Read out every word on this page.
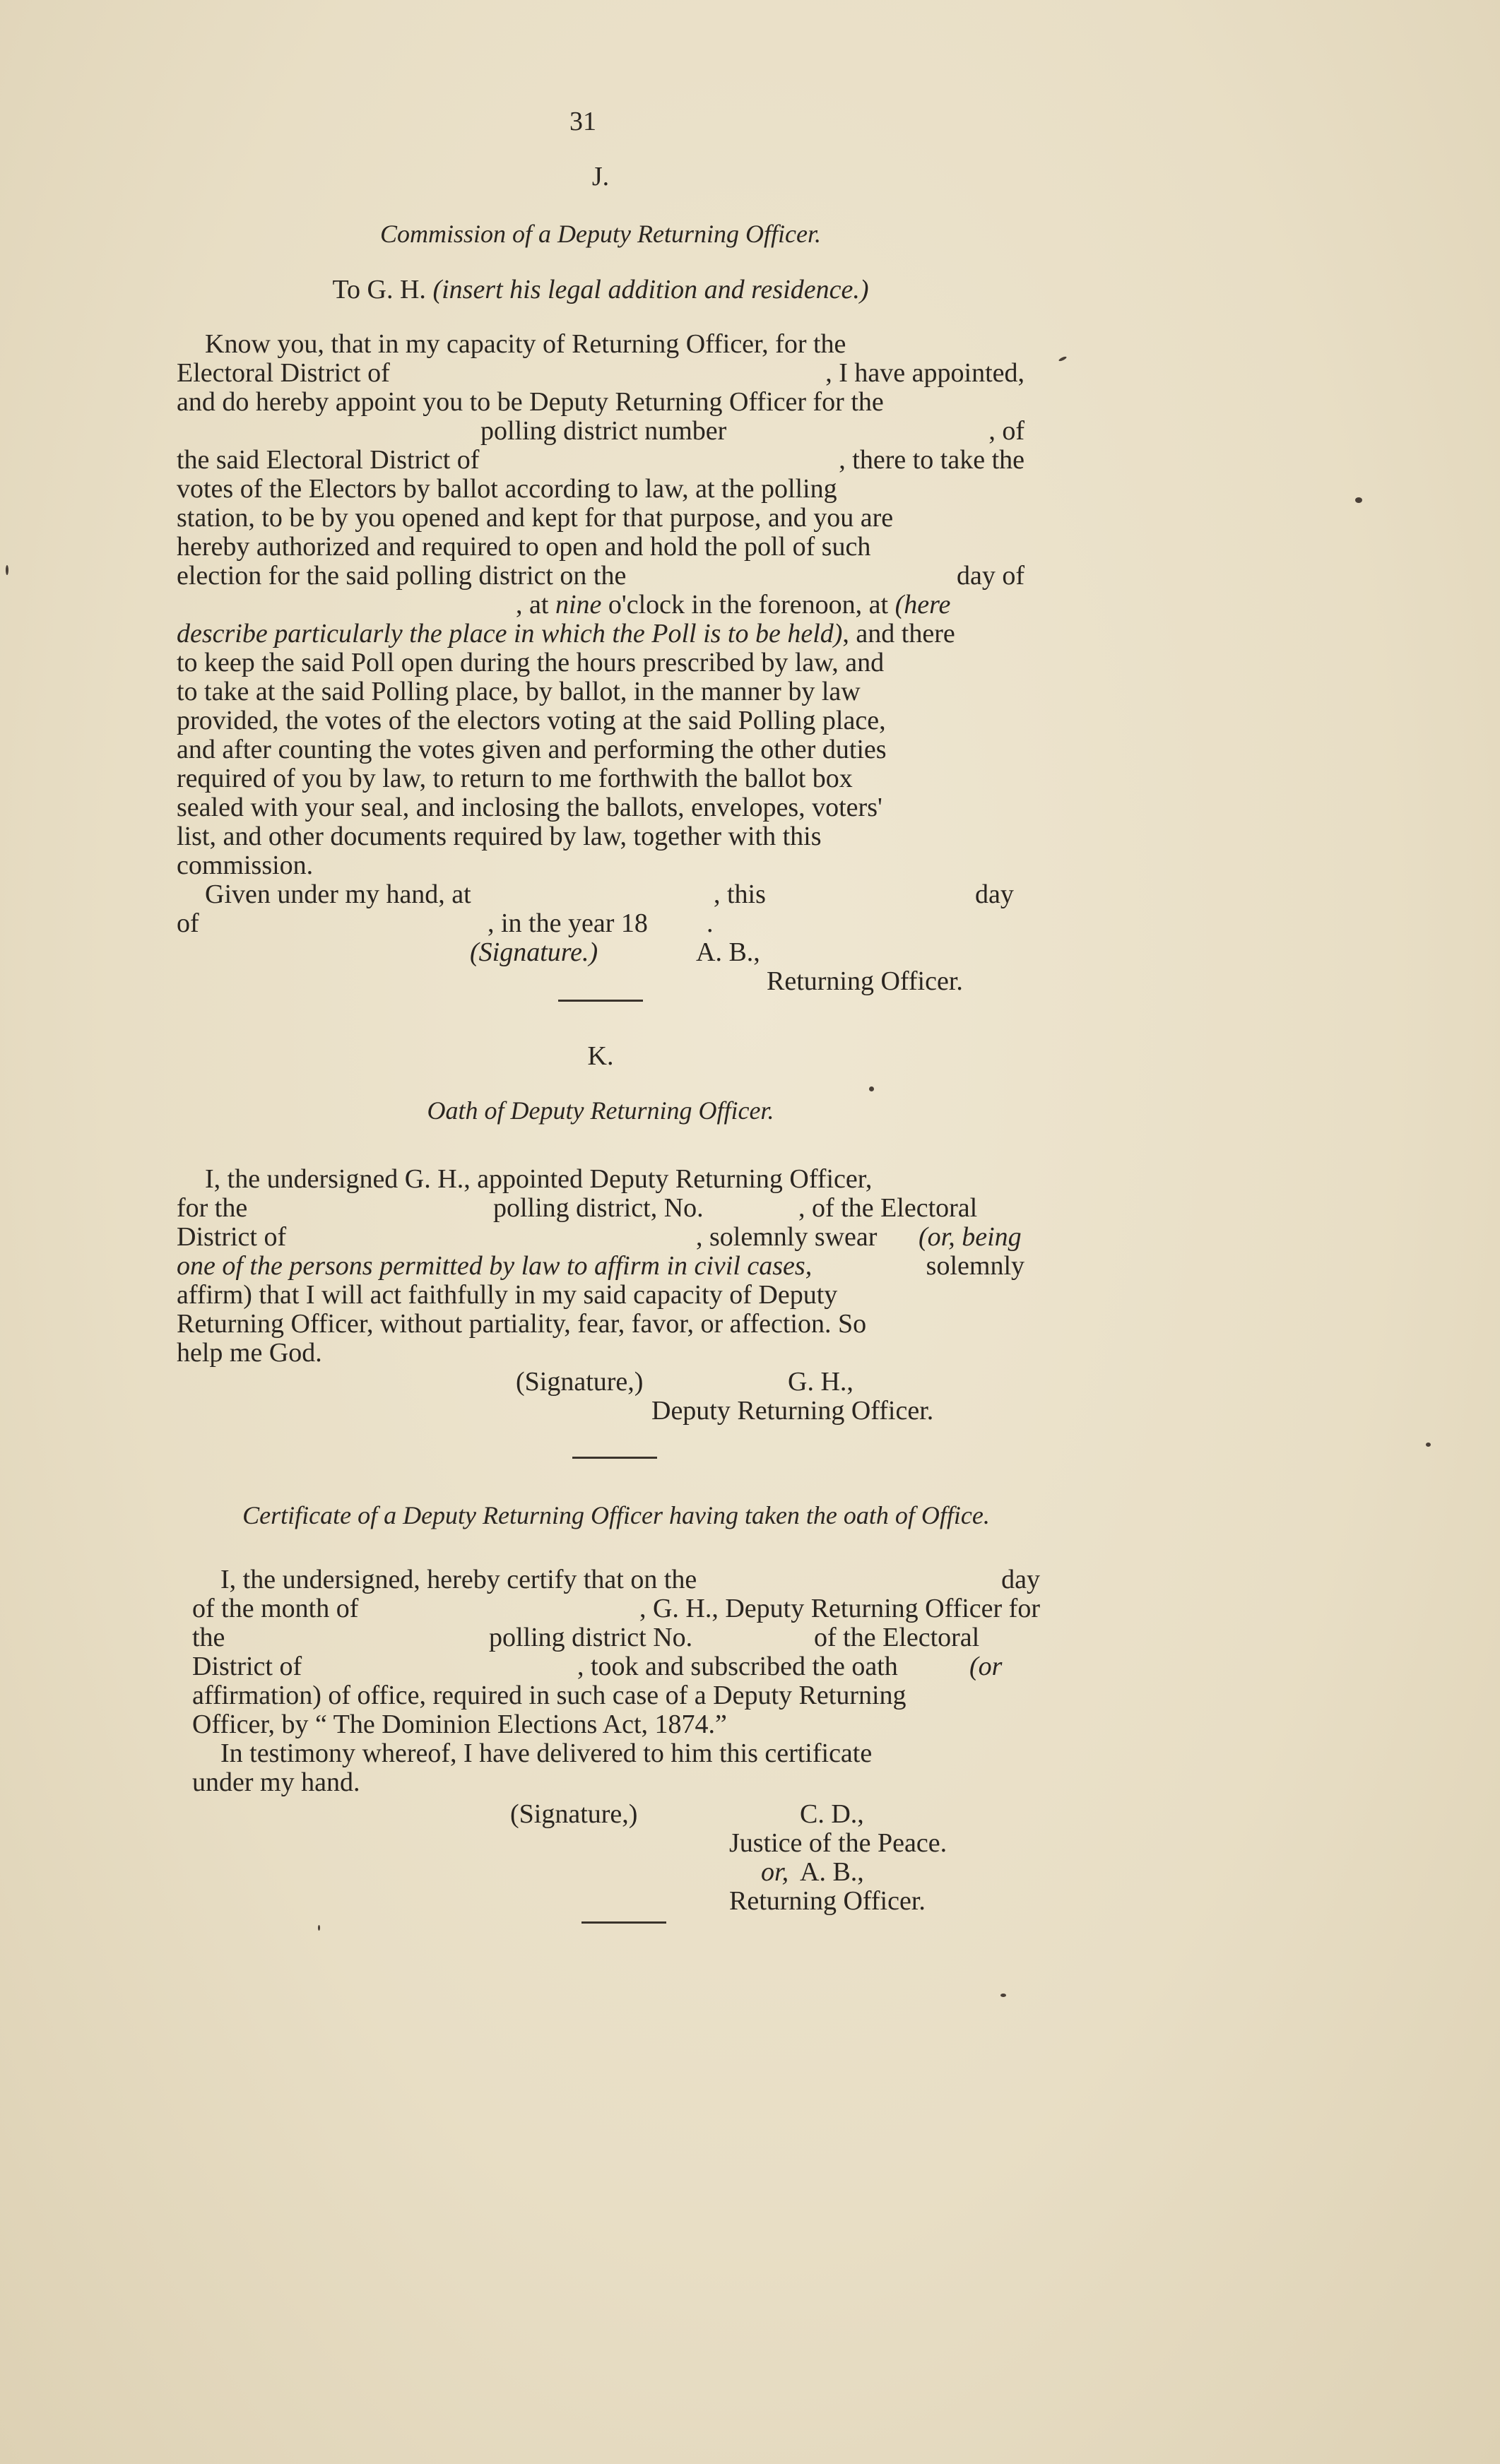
31
J.
Commission of a Deputy Returning Officer.
To G. H. (insert his legal addition and residence.)
Know you, that in my capacity of Returning Officer, for the
Electoral District of	, I have appointed,
and do hereby appoint you to be Deputy Returning Officer for the
polling district number	, of
the said Electoral District of	, there to take the
votes of the Electors by ballot according to law, at the polling
station, to be by you opened and kept for that purpose, and you are
hereby authorized and required to open and hold the poll of such
election for the said polling district on the	day of
, at nine o'clock in the forenoon, at (here
describe particularly the place in which the Poll is to be held), and there
to keep the said Poll open during the hours prescribed by law, and
to take at the said Polling place, by ballot, in the manner by law
provided, the votes of the electors voting at the said Polling place,
and after counting the votes given and performing the other duties
required of you by law, to return to me forthwith the ballot box
sealed with your seal, and inclosing the ballots, envelopes, voters'
list, and other documents required by law, together with this
commission.
Given under my hand, at	, this	day
of	, in the year 18 .
(Signature.)	A. B.,
Returning Officer.
K.
Oath of Deputy Returning Officer.
I, the undersigned G. H., appointed Deputy Returning Officer,
for the	polling district, No.	, of the Electoral
District of	, solemnly swear (or, being
one of the persons permitted by law to affirm in civil cases,	solemnly
affirm) that I will act faithfully in my said capacity of Deputy
Returning Officer, without partiality, fear, favor, or affection. So
help me God.
(Signature,)	G. H.,
Deputy Returning Officer.
Certificate of a Deputy Returning Officer having taken the oath of Office.
I, the undersigned, hereby certify that on the	day
of the month of	, G. H., Deputy Returning Officer for
the	polling district No.	of the Electoral
District of	, took and subscribed the oath	(or
affirmation) of office, required in such case of a Deputy Returning
Officer, by “ The Dominion Elections Act, 1874.”
In testimony whereof, I have delivered to him this certificate
under my hand.
(Signature,)	C. D.,
Justice of the Peace.
or, A. B.,
Returning Officer.
